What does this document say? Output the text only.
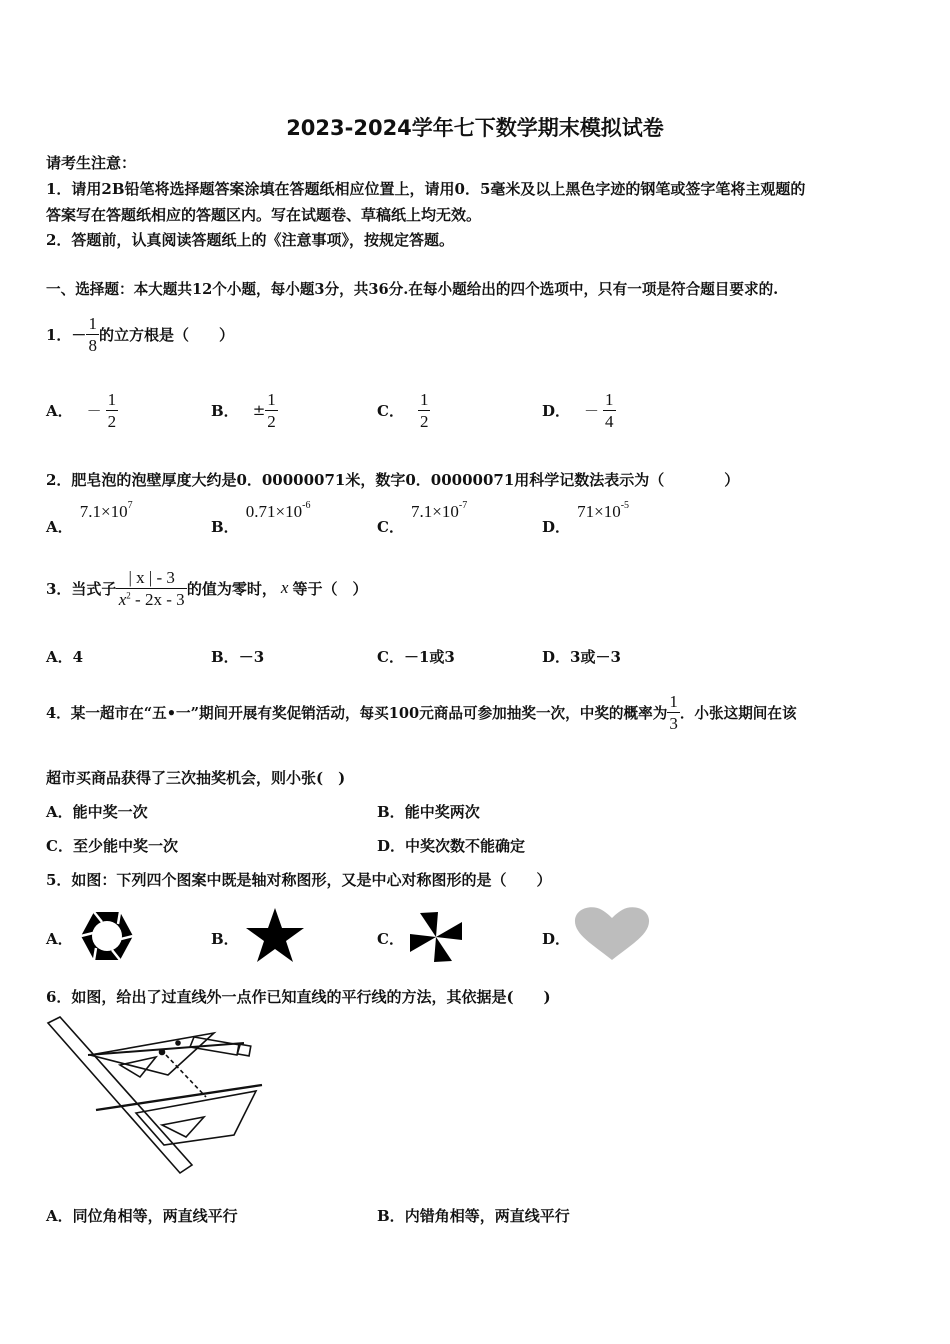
2023-2024学年七下数学期末模拟试卷
请考生注意：
1．请用2B铅笔将选择题答案涂填在答题纸相应位置上，请用0．5毫米及以上黑色字迹的钢笔或签字笔将主观题的
答案写在答题纸相应的答题区内。写在试题卷、草稿纸上均无效。
2．答题前，认真阅读答题纸上的《注意事项》，按规定答题。
一、选择题：本大题共12个小题，每小题3分，共36分.在每小题给出的四个选项中，只有一项是符合题目要求的.
1．－ $\frac{1}{8}$ 的立方根是（　　）
A． － $\frac{1}{2}$	B． ± $\frac{1}{2}$	C． $\frac{1}{2}$	D． － $\frac{1}{4}$
2．肥皂泡的泡壁厚度大约是0．00000071米，数字0．00000071用科学记数法表示为（　　　　）
A． $7.1\times 10^7$
B． $0.71\times 10^{-6}$
C． $7.1\times 10^{-7}$
D． $71\times 10^{-5}$
3．当式子 $\frac{| x | - 3}{x^2 - 2x - 3}$ 的值为零时， x 等于（　）
A．4	B．－3	C．－1或3	D．3或－3
4．某一超市在“五•一”期间开展有奖促销活动，每买100元商品可参加抽奖一次，中奖的概率为 $\frac{1}{3}$ ．小张这期间在该
超市买商品获得了三次抽奖机会，则小张(　)
A．能中奖一次	B．能中奖两次
C．至少能中奖一次	D．中奖次数不能确定
5．如图：下列四个图案中既是轴对称图形，又是中心对称图形的是（　　）
A．	B．	C．	D．
6．如图，给出了过直线外一点作已知直线的平行线的方法，其依据是(　　)
A．同位角相等，两直线平行	B．内错角相等，两直线平行
